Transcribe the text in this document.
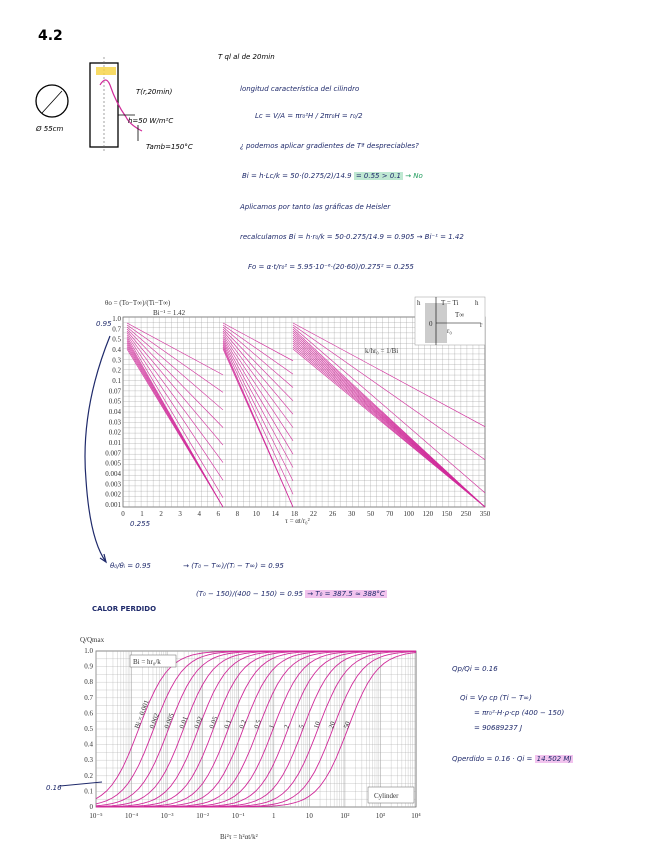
4.2
Ø 55cm
T(r,20min)
h=50 W/m²C
Tamb=150°C
T ql al de 20min
longitud característica del cilindro
Lc = V/A = πr₀²H / 2πr₀H = r₀/2
¿ podemos aplicar gradientes de Tª despreciables?
Bi = h·Lc/k = 50·(0.275/2)/14.9 = 0.55 > 0.1 → No
Aplicamos por tanto las gráficas de Heisler
recalculamos Bi = h·r₀/k = 50·0.275/14.9 = 0.905 → Bi⁻¹ = 1.42
Fo = α·t/r₀² = 5.95·10⁻⁶·(20·60)/0.275² = 0.255
θo = (To−T∞)/(Ti−T∞)
Bi⁻¹ = 1.42
1.0
0.7
0.5
0.4
0.3
0.2
0.1
0.07
0.05
0.04
0.03
0.02
0.01
0.007
0.005
0.004
0.003
0.002
0.001
0 1 2 3 4 6 8 10 14 18 22 26 30 50 70 100 120 150 250 350
τ = αt/r₀²
k/hr₀ = 1/Bi
h	T = Ti h
0
r₀
r
T∞
0.95
0.255
θ₀/θᵢ = 0.95	→ (T₀ − T∞)/(Tᵢ − T∞) = 0.95
(T₀ − 150)/(400 − 150) = 0.95 → T₀ = 387.5 ≈ 388°C
CALOR PERDIDO
Q/Qmax
1.0
0.9
0.8
0.7
0.6
0.5
0.4
0.3
0.2
0.1
0
10⁻⁵	10⁻⁴	10⁻³	10⁻²	10⁻¹	1	10	10²	10³	10⁴
Bi = 0.001
0.002 0.005 0.01 0.02 0.05 0.1 0.2 0.5 1 2 5 10 20 50
Bi = hr₀/k
Cylinder
Bi²τ = h²αt/k²
0.16
Qp/Qi = 0.16
Qi = Vρ cp (Ti − T∞)
= πr₀²·H·ρ·cp (400 − 150)
= 90689237 J
Qperdido = 0.16 · Qi = 14.502 MJ
